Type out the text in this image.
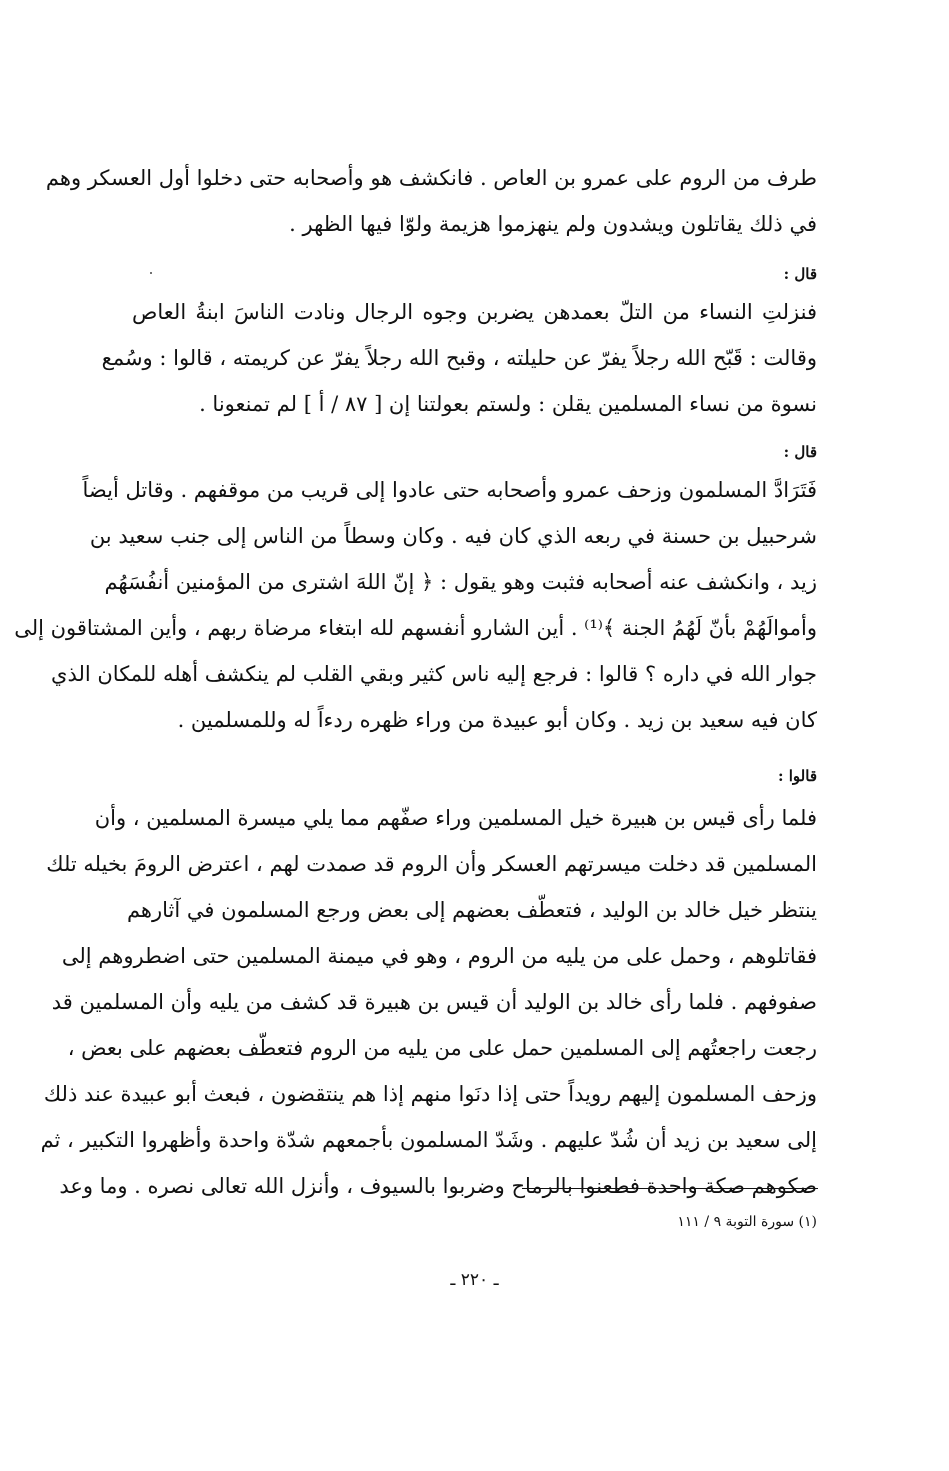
طرف من الروم على عمرو بن العاص . فانكشف هو وأصحابه حتى دخلوا أول العسكر وهم
في ذلك يقاتلون ويشدون ولم ينهزموا هزيمة ولوّا فيها الظهر .
قال :
فنزلتِ النساء من التلّ بعمدهن يضربن وجوه الرجال ونادت الناسَ ابنةُ العاص
وقالت : قَبّح الله رجلاً يفرّ عن حليلته ، وقبح الله رجلاً يفرّ عن كريمته ، قالوا : وسُمع
نسوة من نساء المسلمين يقلن : ولستم بعولتنا إن [ ٨٧ / أ ] لم تمنعونا .
قال :
فَتَرَادَّ المسلمون وزحف عمرو وأصحابه حتى عادوا إلى قريب من موقفهم . وقاتل أيضاً
شرحبيل بن حسنة في ربعه الذي كان فيه . وكان وسطاً من الناس إلى جنب سعيد بن
زيد ، وانكشف عنه أصحابه فثبت وهو يقول : ﴿ إنّ اللهَ اشترى من المؤمنين أنفُسَهُم
وأموالَهُمْ بأنّ لَهُمُ الجنة ﴾⁽¹⁾ . أين الشارو أنفسهم لله ابتغاء مرضاة ربهم ، وأين المشتاقون إلى
جوار الله في داره ؟ قالوا : فرجع إليه ناس كثير وبقي القلب لم ينكشف أهله للمكان الذي
كان فيه سعيد بن زيد . وكان أبو عبيدة من وراء ظهره ردءاً له وللمسلمين .
قالوا :
فلما رأى قيس بن هبيرة خيل المسلمين وراء صفّهم مما يلي ميسرة المسلمين ، وأن
المسلمين قد دخلت ميسرتهم العسكر وأن الروم قد صمدت لهم ، اعترض الرومَ بخيله تلك
ينتظر خيل خالد بن الوليد ، فتعطّف بعضهم إلى بعض ورجع المسلمون في آثارهم
فقاتلوهم ، وحمل على من يليه من الروم ، وهو في ميمنة المسلمين حتى اضطروهم إلى
صفوفهم . فلما رأى خالد بن الوليد أن قيس بن هبيرة قد كشف من يليه وأن المسلمين قد
رجعت راجعتُهم إلى المسلمين حمل على من يليه من الروم فتعطّف بعضهم على بعض ،
وزحف المسلمون إليهم رويداً حتى إذا دنَوا منهم إذا هم ينتقضون ، فبعث أبو عبيدة عند ذلك
إلى سعيد بن زيد أن شُدّ عليهم . وشَدّ المسلمون بأجمعهم شدّة واحدة وأظهروا التكبير ، ثم
صكوهم صكة واحدة فطعنوا بالرماح وضربوا بالسيوف ، وأنزل الله تعالى نصره . وما وعد
(١) سورة التوبة ٩ / ١١١
ـ ٢٢٠ ـ
